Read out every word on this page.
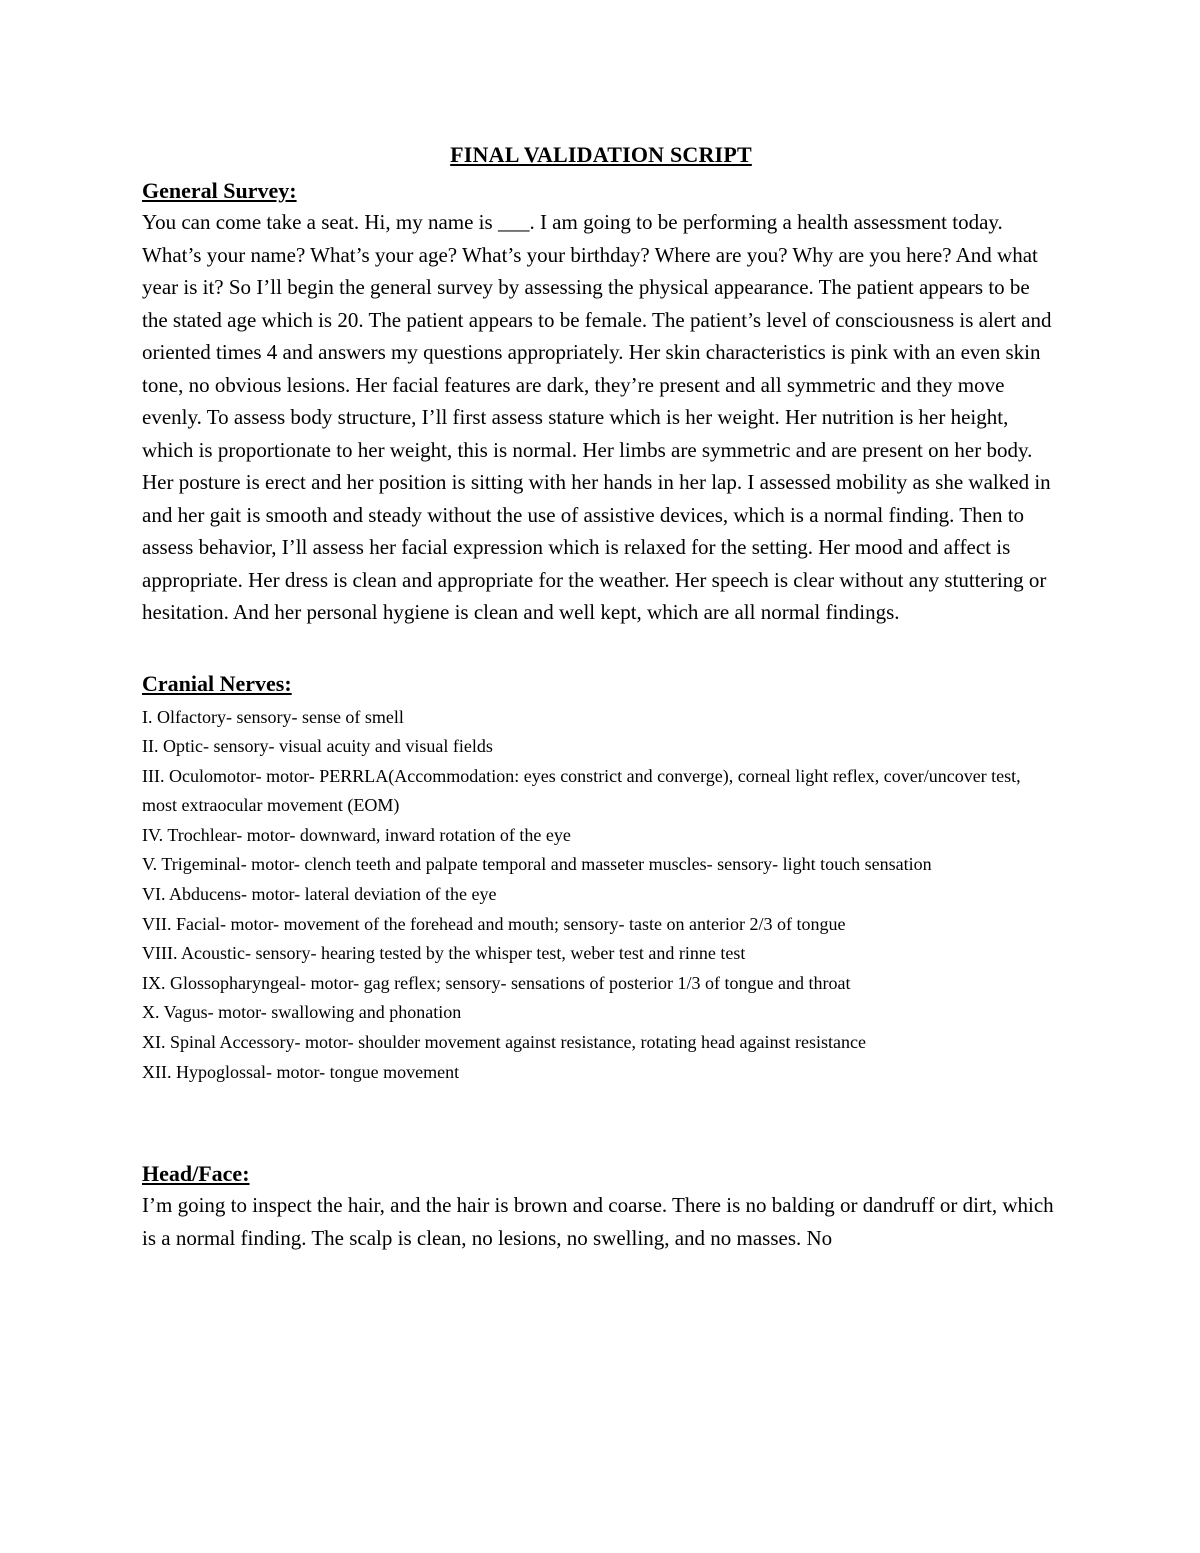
FINAL VALIDATION SCRIPT
General Survey:

You can come take a seat. Hi, my name is ___. I am going to be performing a health assessment today. What’s your name? What’s your age? What’s your birthday? Where are you? Why are you here? And what year is it? So I’ll begin the general survey by assessing the physical appearance. The patient appears to be the stated age which is 20. The patient appears to be female. The patient’s level of consciousness is alert and oriented times 4 and answers my questions appropriately. Her skin characteristics is pink with an even skin tone, no obvious lesions. Her facial features are dark, they’re present and all symmetric and they move evenly. To assess body structure, I’ll first assess stature which is her weight. Her nutrition is her height, which is proportionate to her weight, this is normal. Her limbs are symmetric and are present on her body. Her posture is erect and her position is sitting with her hands in her lap. I assessed mobility as she walked in and her gait is smooth and steady without the use of assistive devices, which is a normal finding. Then to assess behavior, I’ll assess her facial expression which is relaxed for the setting. Her mood and affect is appropriate. Her dress is clean and appropriate for the weather. Her speech is clear without any stuttering or hesitation. And her personal hygiene is clean and well kept, which are all normal findings.

Cranial Nerves:
I. Olfactory- sensory- sense of smell
II. Optic- sensory- visual acuity and visual fields
III. Oculomotor- motor- PERRLA(Accommodation: eyes constrict and converge), corneal light reflex, cover/uncover test, most extraocular movement (EOM)
IV. Trochlear- motor- downward, inward rotation of the eye
V. Trigeminal- motor- clench teeth and palpate temporal and masseter muscles- sensory- light touch sensation
VI. Abducens- motor- lateral deviation of the eye
VII. Facial- motor- movement of the forehead and mouth; sensory- taste on anterior 2/3 of tongue
VIII. Acoustic- sensory- hearing tested by the whisper test, weber test and rinne test
IX. Glossopharyngeal- motor- gag reflex; sensory- sensations of posterior 1/3 of tongue and throat
X. Vagus- motor- swallowing and phonation
XI. Spinal Accessory- motor- shoulder movement against resistance, rotating head against resistance
XII. Hypoglossal- motor- tongue movement
Head/Face:

I’m going to inspect the hair, and the hair is brown and coarse. There is no balding or dandruff or dirt, which is a normal finding. The scalp is clean, no lesions, no swelling, and no masses. No
